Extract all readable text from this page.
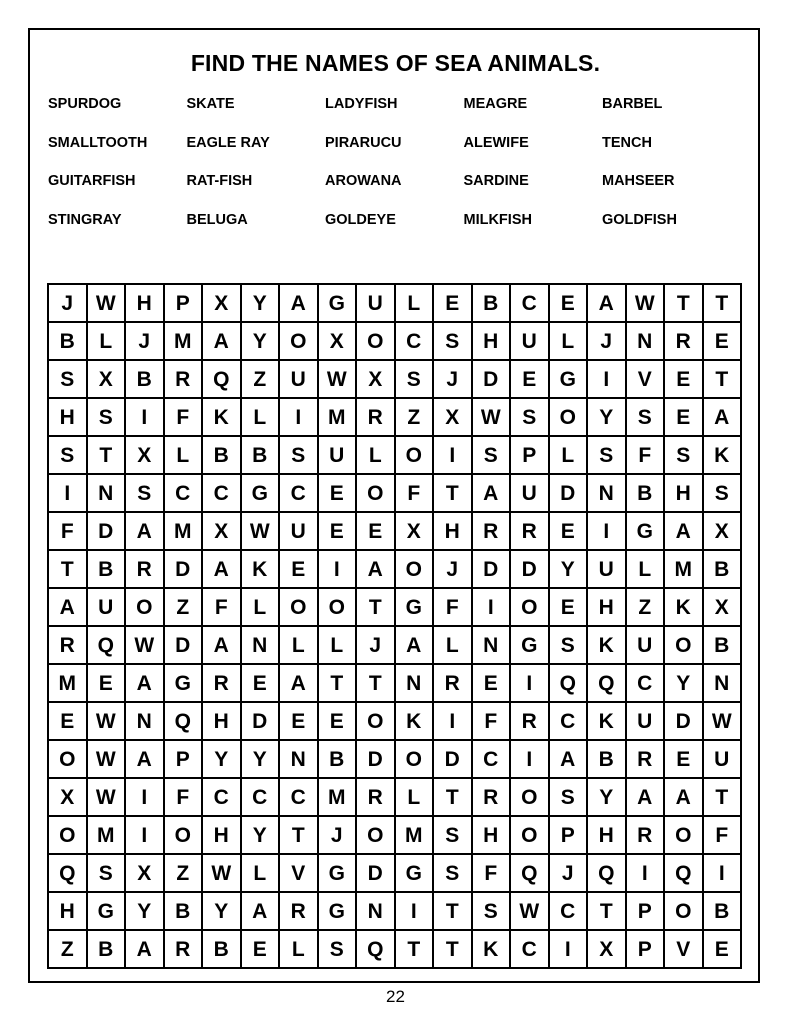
FIND THE NAMES OF SEA ANIMALS.
SPURDOG	SKATE	LADYFISH	MEAGRE	BARBEL
SMALLTOOTH	EAGLE RAY	PIRARUCU	ALEWIFE	TENCH
GUITARFISH	RAT-FISH	AROWANA	SARDINE	MAHSEER
STINGRAY	BELUGA	GOLDEYE	MILKFISH	GOLDFISH
J	W	H	P	X	Y	A	G	U	L	E	B	C	E	A	W	T	T
B	L	J	M	A	Y	O	X	O	C	S	H	U	L	J	N	R	E
S	X	B	R	Q	Z	U	W	X	S	J	D	E	G	I	V	E	T
H	S	I	F	K	L	I	M	R	Z	X	W	S	O	Y	S	E	A
S	T	X	L	B	B	S	U	L	O	I	S	P	L	S	F	S	K
I	N	S	C	C	G	C	E	O	F	T	A	U	D	N	B	H	S
F	D	A	M	X	W	U	E	E	X	H	R	R	E	I	G	A	X
T	B	R	D	A	K	E	I	A	O	J	D	D	Y	U	L	M	B
A	U	O	Z	F	L	O	O	T	G	F	I	O	E	H	Z	K	X
R	Q	W	D	A	N	L	L	J	A	L	N	G	S	K	U	O	B
M	E	A	G	R	E	A	T	T	N	R	E	I	Q	Q	C	Y	N
E	W	N	Q	H	D	E	E	O	K	I	F	R	C	K	U	D	W
O	W	A	P	Y	Y	N	B	D	O	D	C	I	A	B	R	E	U
X	W	I	F	C	C	C	M	R	L	T	R	O	S	Y	A	A	T
O	M	I	O	H	Y	T	J	O	M	S	H	O	P	H	R	O	F
Q	S	X	Z	W	L	V	G	D	G	S	F	Q	J	Q	I	Q	I
H	G	Y	B	Y	A	R	G	N	I	T	S	W	C	T	P	O	B
Z	B	A	R	B	E	L	S	Q	T	T	K	C	I	X	P	V	E
22
